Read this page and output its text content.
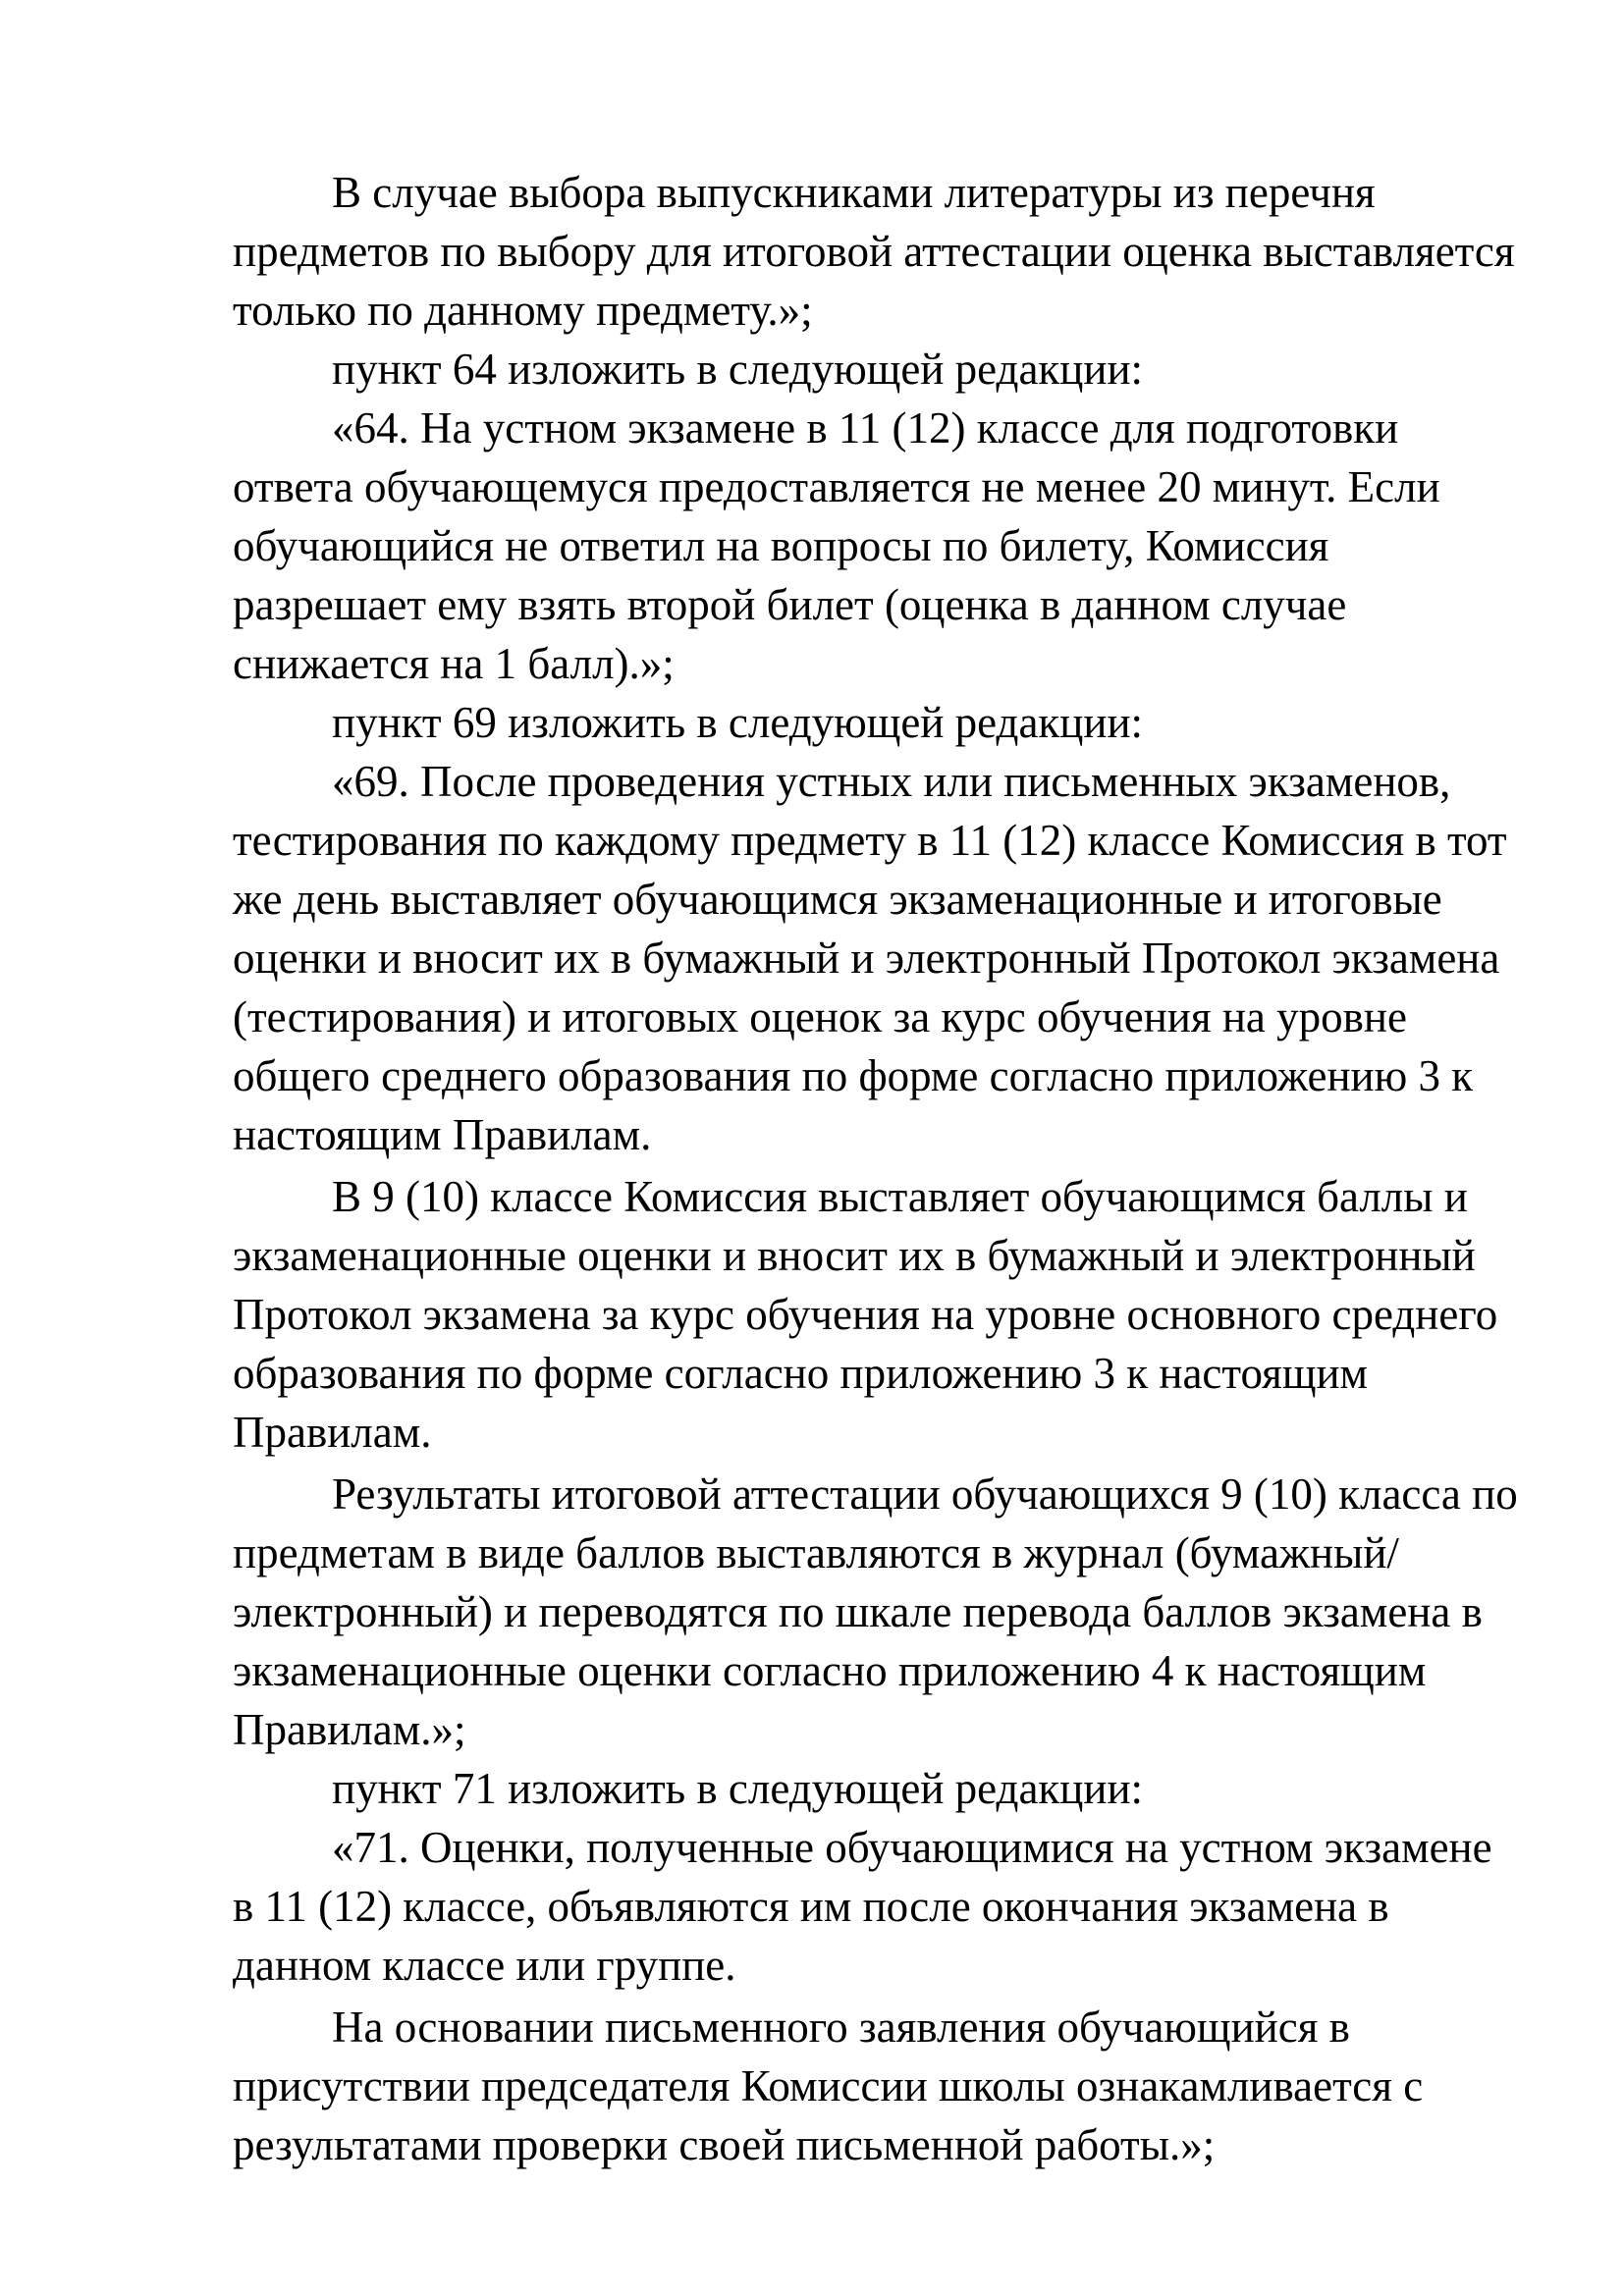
В случае выбора выпускниками литературы из перечня предметов по выбору для итоговой аттестации оценка выставляется только по данному предмету.»;

пункт 64 изложить в следующей редакции:

«64. На устном экзамене в 11 (12) классе для подготовки ответа обучающемуся предоставляется не менее 20 минут. Если обучающийся не ответил на вопросы по билету, Комиссия разрешает ему взять второй билет (оценка в данном случае снижается на 1 балл).»;

пункт 69 изложить в следующей редакции:

«69. После проведения устных или письменных экзаменов, тестирования по каждому предмету в 11 (12) классе Комиссия в тот же день выставляет обучающимся экзаменационные и итоговые оценки и вносит их в бумажный и электронный Протокол экзамена (тестирования) и итоговых оценок за курс обучения на уровне общего среднего образования по форме согласно приложению 3 к настоящим Правилам.

В 9 (10) классе Комиссия выставляет обучающимся баллы и экзаменационные оценки и вносит их в бумажный и электронный Протокол экзамена за курс обучения на уровне основного среднего образования по форме согласно приложению 3 к настоящим Правилам.

Результаты итоговой аттестации обучающихся 9 (10) класса по предметам в виде баллов выставляются в журнал (бумажный/электронный) и переводятся по шкале перевода баллов экзамена в экзаменационные оценки согласно приложению 4 к настоящим Правилам.»;

пункт 71 изложить в следующей редакции:

«71. Оценки, полученные обучающимися на устном экзамене в 11 (12) классе, объявляются им после окончания экзамена в данном классе или группе.

На основании письменного заявления обучающийся в присутствии председателя Комиссии школы ознакамливается с результатами проверки своей письменной работы.»;
